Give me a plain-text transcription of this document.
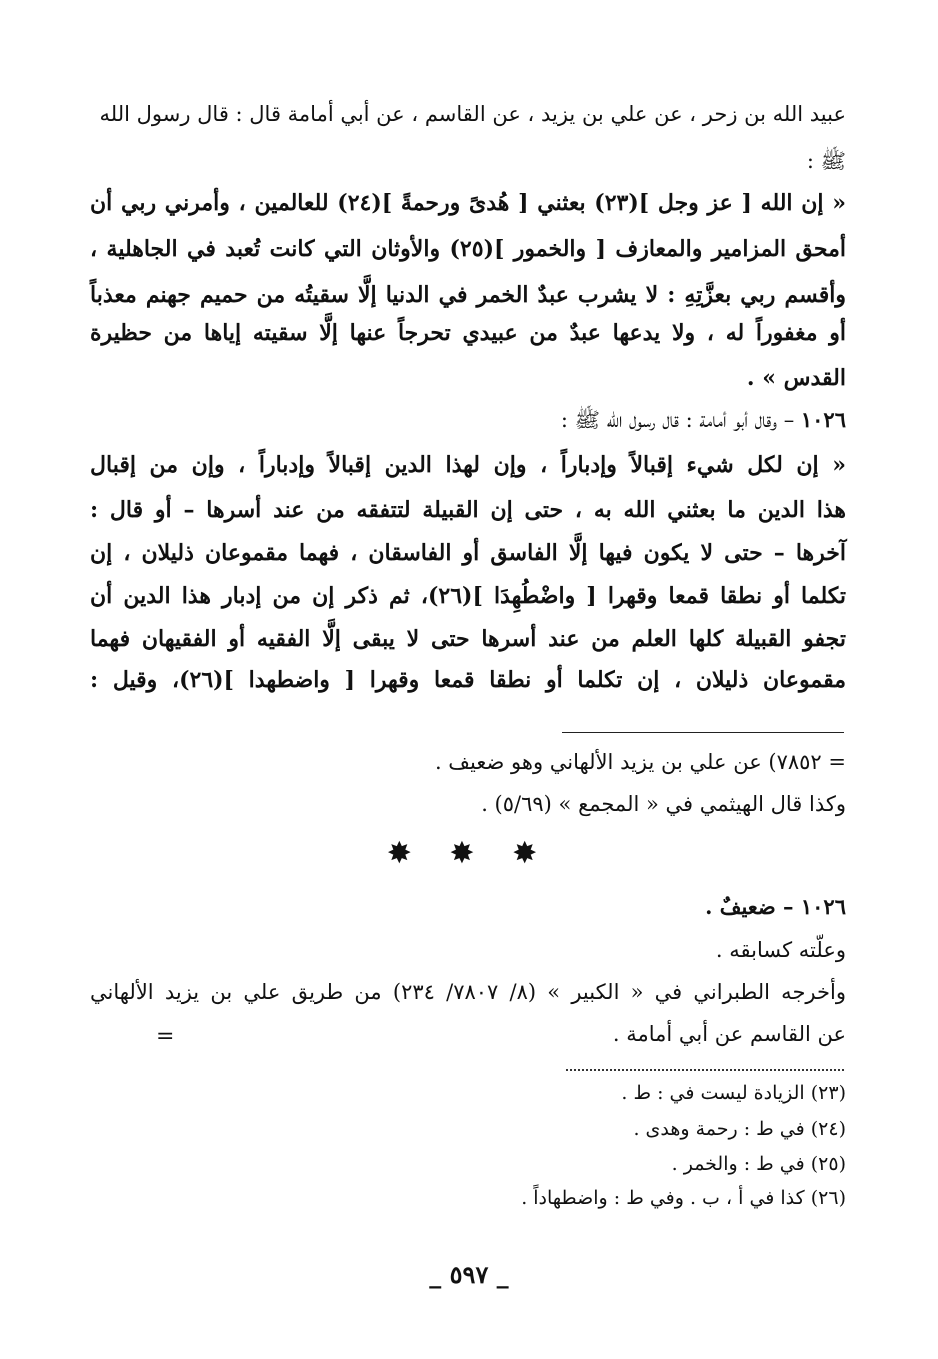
عبيد الله بن زحر ، عن علي بن يزيد ، عن القاسم ، عن أبي أمامة قال : قال رسول الله
ﷺ :
« إن الله [ عز وجل ](٢٣) بعثني [ هُدىً ورحمةً ](٢٤) للعالمين ، وأمرني ربي أن
أمحق المزامير والمعازف [ والخمور ](٢٥) والأوثان التي كانت تُعبد في الجاهلية ،
وأقسم ربي بعزَّتِهِ : لا يشرب عبدٌ الخمر في الدنيا إلَّا سقيتُه من حميم جهنم معذباً
أو مغفوراً له ، ولا يدعها عبدٌ من عبيدي تحرجاً عنها إلَّا سقيته إياها من حظيرة
القدس » .
١٠٢٦ – وقال أبو أمامة : قال رسول الله ﷺ :
« إن لكل شيء إقبالاً وإدباراً ، وإن لهذا الدين إقبالاً وإدباراً ، وإن من إقبال
هذا الدين ما بعثني الله به ، حتى إن القبيلة لتتفقه من عند أسرها – أو قال :
آخرها – حتى لا يكون فيها إلَّا الفاسق أو الفاسقان ، فهما مقموعان ذليلان ، إن
تكلما أو نطقا قمعا وقهرا [ واضْطُهِدَا ](٢٦)، ثم ذكر إن من إدبار هذا الدين أن
تجفو القبيلة كلها العلم من عند أسرها حتى لا يبقى إلَّا الفقيه أو الفقيهان فهما
مقموعان ذليلان ، إن تكلما أو نطقا قمعا وقهرا [ واضطهدا ](٢٦)، وقيل :
= ٧٨٥٢) عن علي بن يزيد الألهاني وهو ضعيف .
وكذا قال الهيثمي في « المجمع » (٥/٦٩) .
✸ ✸ ✸
١٠٢٦ – ضعيفٌ .
وعلّته كسابقه .
وأخرجه الطبراني في « الكبير » (٨/ ٧٨٠٧/ ٢٣٤) من طريق علي بن يزيد الألهاني
عن القاسم عن أبي أمامة .
=
(٢٣) الزيادة ليست في : ط .
(٢٤) في ط : رحمة وهدى .
(٢٥) في ط : والخمر .
(٢٦) كذا في أ ، ب . وفي ط : واضطهاداً .
_ ٥٩٧ _
